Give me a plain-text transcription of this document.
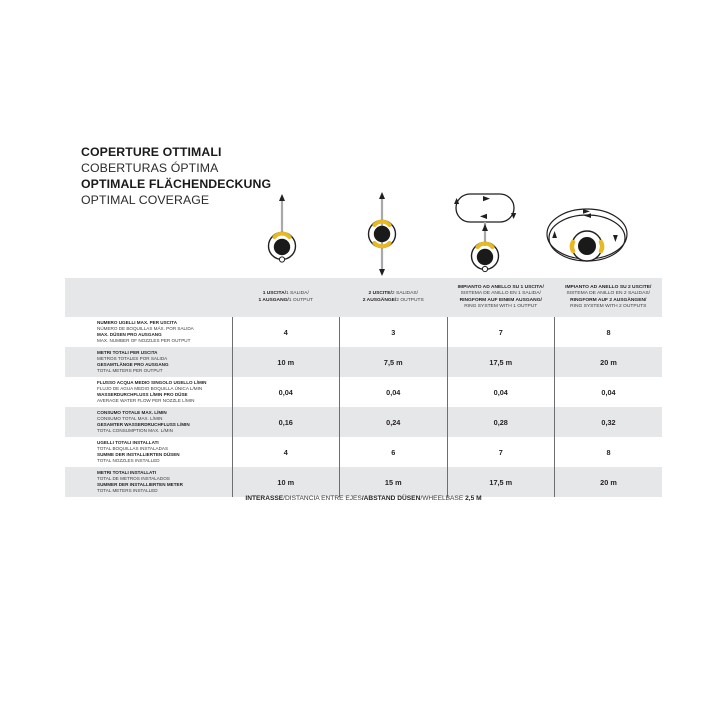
COPERTURE OTTIMALI
COBERTURAS ÓPTIMA
OPTIMALE FLÄCHENDECKUNG
OPTIMAL COVERAGE
	1 USCITA/1 SALIDA/
1 AUSGANG/1 OUTPUT	2 USCITE/2 SALIDAS/
2 AUSGÄNGE/2 OUTPUTS	IMPIANTO AD ANELLO SU 1 USCITA/
SISTEMA DE ANILLO EN 1 SALIDA/
RINGFORM AUF EINEM AUSGANG/
RING SYSTEM WITH 1 OUTPUT	IMPIANTO AD ANELLO SU 2 USCITE/
SISTEMA DE ANILLO EN 2 SALIDAS/
RINGFORM AUF 2 AUSGÄNGEN/
RING SYSTEM WITH 2 OUTPUTS

NUMERO UGELLI MAX. PER USCITA
NÚMERO DE BOQUILLAS MÁX. POR SALIDA
MAX. DÜSEN PRO AUSGANG
MAX. NUMBER OF NOZZLES PER OUTPUT	4	3	7	8

METRI TOTALI PER USCITA
METROS TOTALES POR SALIDA
GESAMTLÄNGE PRO AUSGANG
TOTAL METERS PER OUTPUT	10 m	7,5 m	17,5 m	20 m

FLUSSO ACQUA MEDIO SINGOLO UGELLO L/MIN
FLUJO DE AGUA MEDIO BOQUILLA ÚNICA L/MIN
WASSERDURCHFLUSS L/MIN PRO DÜSE
AVERAGE WATER FLOW PER NOZZLE L/MIN	0,04	0,04	0,04	0,04

CONSUMO TOTALE MAX. L/MIN
CONSUMO TOTAL MAX. L/MIN
GESAMTER WASSERDRUCHFLUSS L/MIN
TOTAL CONSUMPTION MAX. L/MIN	0,16	0,24	0,28	0,32

UGELLI TOTALI INSTALLATI
TOTAL BOQUILLAS INSTALADAS
SUMME DER INSTALLIERTEN DÜSEN
TOTAL NOZZLES INSTALLED	4	6	7	8

METRI TOTALI INSTALLATI
TOTAL DE METROS INSTALADOS
SUMMER DER INSTALLIERTEN METER
TOTAL METERS INSTALLED	10 m	15 m	17,5 m	20 m
INTERASSE/DISTANCIA ENTRE EJES/ABSTAND DÜSEN/WHEELBASE 2,5 M
